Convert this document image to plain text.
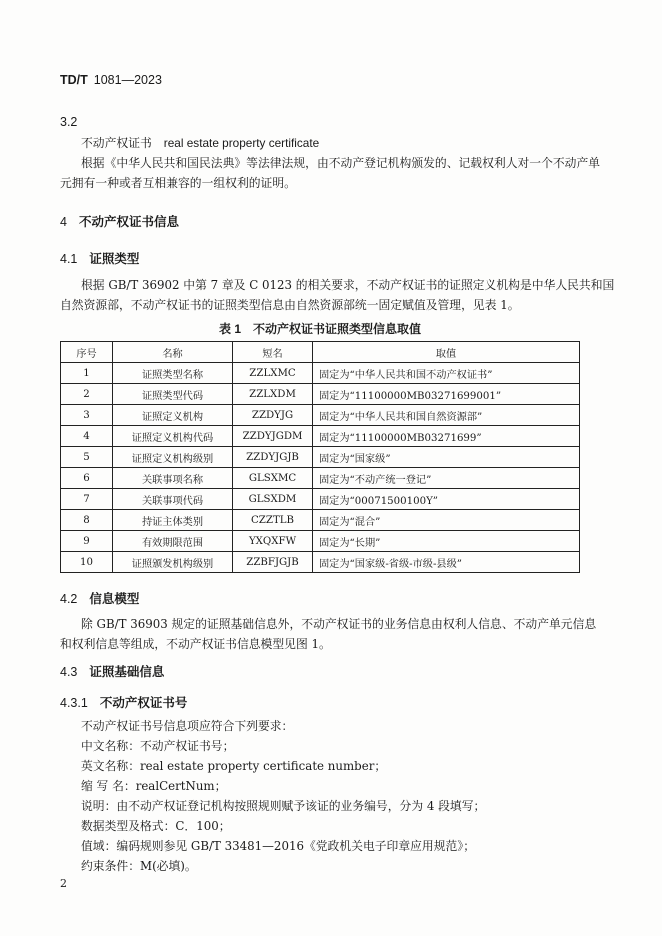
TD/T 1081—2023
3.2
不动产权证书 real estate property certificate
根据《中华人民共和国民法典》等法律法规，由不动产登记机构颁发的、记载权利人对一个不动产单
元拥有一种或者互相兼容的一组权利的证明。
4 不动产权证书信息
4.1 证照类型
根据 GB/T 36902 中第 7 章及 C 0123 的相关要求，不动产权证书的证照定义机构是中华人民共和国
自然资源部，不动产权证书的证照类型信息由自然资源部统一固定赋值及管理，见表 1。
表 1　不动产权证书证照类型信息取值
序号	名称	短名	取值
1	证照类型名称	ZZLXMC	固定为“中华人民共和国不动产权证书”
2	证照类型代码	ZZLXDM	固定为“11100000MB03271699001”
3	证照定义机构	ZZDYJG	固定为“中华人民共和国自然资源部”
4	证照定义机构代码	ZZDYJGDM	固定为“11100000MB03271699”
5	证照定义机构级别	ZZDYJGJB	固定为“国家级”
6	关联事项名称	GLSXMC	固定为“不动产统一登记”
7	关联事项代码	GLSXDM	固定为“00071500100Y”
8	持证主体类别	CZZTLB	固定为“混合”
9	有效期限范围	YXQXFW	固定为“长期”
10	证照颁发机构级别	ZZBFJGJB	固定为“国家级-省级-市级-县级”
4.2 信息模型
除 GB/T 36903 规定的证照基础信息外，不动产权证书的业务信息由权利人信息、不动产单元信息
和权利信息等组成，不动产权证书信息模型见图 1。
4.3 证照基础信息
4.3.1 不动产权证书号
不动产权证书号信息项应符合下列要求：
中文名称：不动产权证书号；
英文名称：real estate property certificate number；
缩 写 名：realCertNum；
说明：由不动产权证登记机构按照规则赋予该证的业务编号，分为 4 段填写；
数据类型及格式：C．100；
值域：编码规则参见 GB/T 33481—2016《党政机关电子印章应用规范》；
约束条件：M(必填)。
2
